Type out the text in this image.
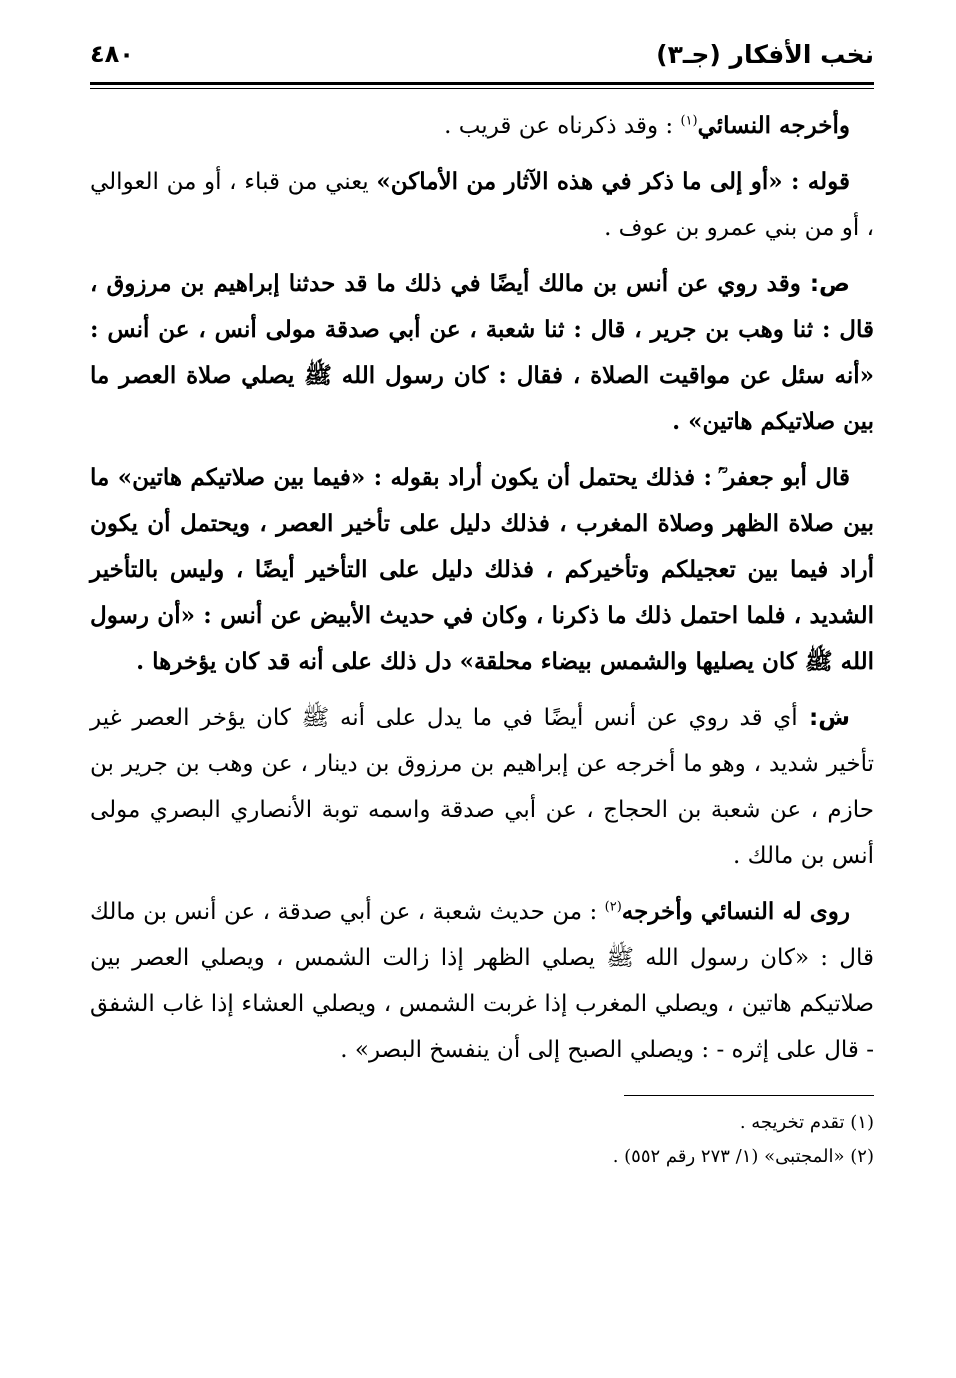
نخب الأفكار (جـ٣)
٤٨٠

وأخرجه النسائي$^{(١)}$ : وقد ذكرناه عن قريب .

قوله : «أو إلى ما ذكر في هذه الآثار من الأماكن» يعني من قباء ، أو من العوالي ، أو من بني عمرو بن عوف .

ص: وقد روي عن أنس بن مالك أيضًا في ذلك ما قد حدثنا إبراهيم بن مرزوق ، قال : ثنا وهب بن جرير ، قال : ثنا شعبة ، عن أبي صدقة مولى أنس ، عن أنس : «أنه سئل عن مواقيت الصلاة ، فقال : كان رسول الله ﷺ يصلي صلاة العصر ما بين صلاتيكم هاتين» .

قال أبو جعفر ؒ : فذلك يحتمل أن يكون أراد بقوله : «فيما بين صلاتيكم هاتين» ما بين صلاة الظهر وصلاة المغرب ، فذلك دليل على تأخير العصر ، ويحتمل أن يكون أراد فيما بين تعجيلكم وتأخيركم ، فذلك دليل على التأخير أيضًا ، وليس بالتأخير الشديد ، فلما احتمل ذلك ما ذكرنا ، وكان في حديث الأبيض عن أنس : «أن رسول الله ﷺ كان يصليها والشمس بيضاء محلقة» دل ذلك على أنه قد كان يؤخرها .

ش: أي قد روي عن أنس أيضًا في ما يدل على أنه ﷺ كان يؤخر العصر غير تأخير شديد ، وهو ما أخرجه عن إبراهيم بن مرزوق بن دينار ، عن وهب بن جرير بن حازم ، عن شعبة بن الحجاج ، عن أبي صدقة واسمه توبة الأنصاري البصري مولى أنس بن مالك .

روى له النسائي وأخرجه$^{(٢)}$ : من حديث شعبة ، عن أبي صدقة ، عن أنس بن مالك قال : «كان رسول الله ﷺ يصلي الظهر إذا زالت الشمس ، ويصلي العصر بين صلاتيكم هاتين ، ويصلي المغرب إذا غربت الشمس ، ويصلي العشاء إذا غاب الشفق - قال على إثره - : ويصلي الصبح إلى أن ينفسخ البصر» .

(١) تقدم تخريجه .

(٢) «المجتبى» (١/ ٢٧٣ رقم ٥٥٢) .
